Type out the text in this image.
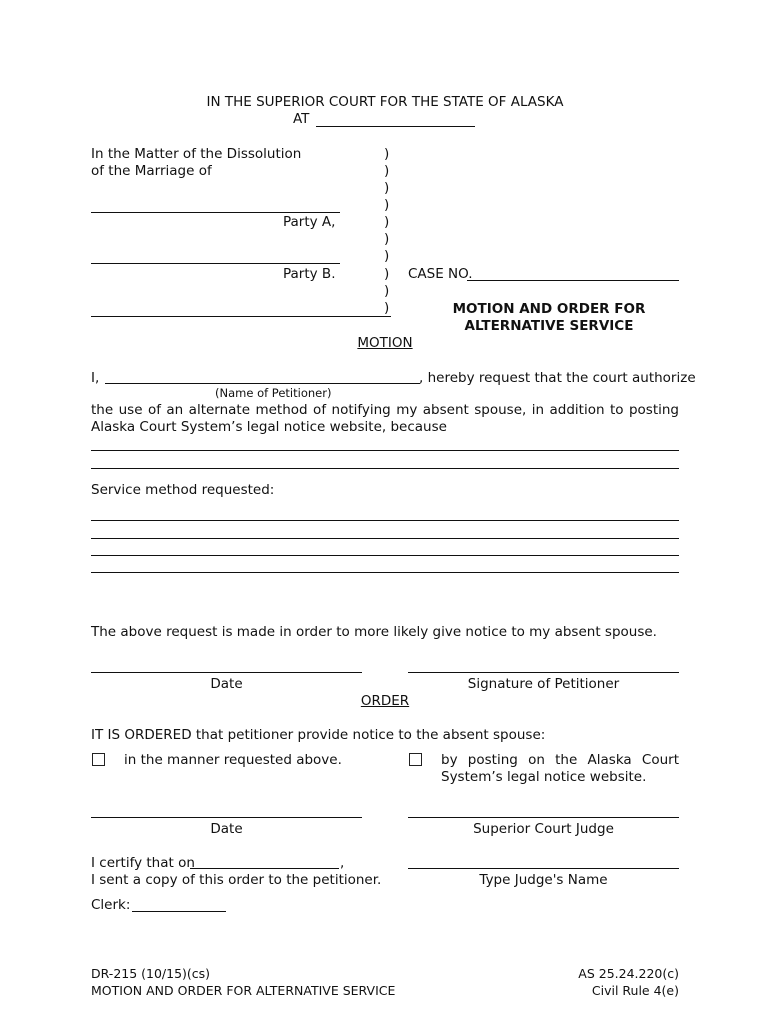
IN THE SUPERIOR COURT FOR THE STATE OF ALASKA
AT
In the Matter of the Dissolution
of the Marriage of
Party A,
Party B.
)
)
)
)
)
)
)
)
)
)
CASE NO.
MOTION AND ORDER FOR
ALTERNATIVE SERVICE
MOTION
I,	, hereby request that the court authorize
(Name of Petitioner)
the use of an alternate method of notifying my absent spouse, in addition to posting
Alaska Court System’s legal notice website, because
Service method requested:
The above request is made in order to more likely give notice to my absent spouse.
Date	Signature of Petitioner
ORDER
IT IS ORDERED that petitioner provide notice to the absent spouse:
in the manner requested above.	by posting on the Alaska Court
System’s legal notice website.
Date	Superior Court Judge
I certify that on	,
I sent a copy of this order to the petitioner.	Type Judge's Name
Clerk:
DR-215 (10/15)(cs)
MOTION AND ORDER FOR ALTERNATIVE SERVICE
AS 25.24.220(c)
Civil Rule 4(e)
